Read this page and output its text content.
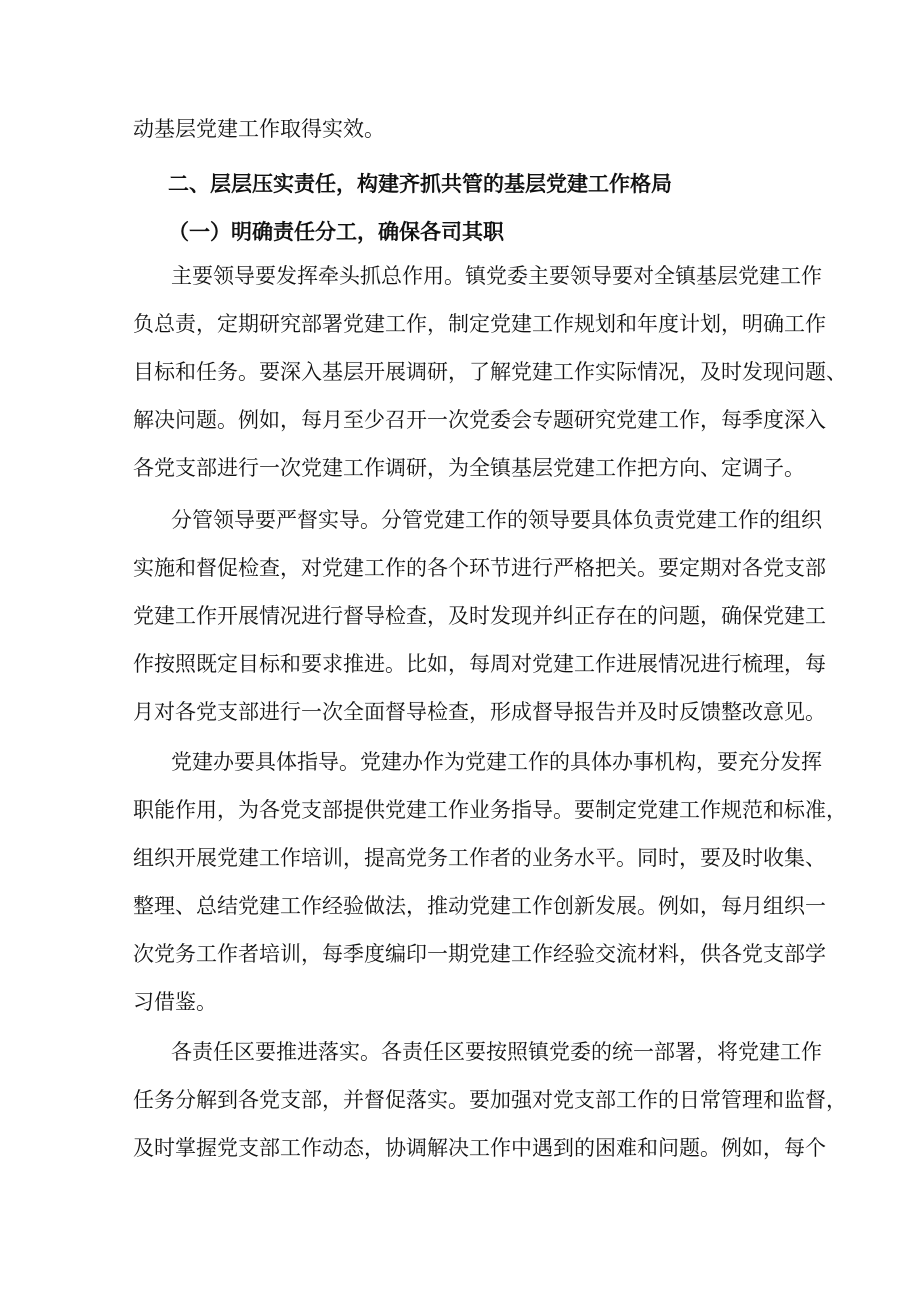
动基层党建工作取得实效。
二、层层压实责任，构建齐抓共管的基层党建工作格局
（一）明确责任分工，确保各司其职
主要领导要发挥牵头抓总作用。镇党委主要领导要对全镇基层党建工作
负总责，定期研究部署党建工作，制定党建工作规划和年度计划，明确工作
目标和任务。要深入基层开展调研，了解党建工作实际情况，及时发现问题、
解决问题。例如，每月至少召开一次党委会专题研究党建工作，每季度深入
各党支部进行一次党建工作调研，为全镇基层党建工作把方向、定调子。
分管领导要严督实导。分管党建工作的领导要具体负责党建工作的组织
实施和督促检查，对党建工作的各个环节进行严格把关。要定期对各党支部
党建工作开展情况进行督导检查，及时发现并纠正存在的问题，确保党建工
作按照既定目标和要求推进。比如，每周对党建工作进展情况进行梳理，每
月对各党支部进行一次全面督导检查，形成督导报告并及时反馈整改意见。
党建办要具体指导。党建办作为党建工作的具体办事机构，要充分发挥
职能作用，为各党支部提供党建工作业务指导。要制定党建工作规范和标准，
组织开展党建工作培训，提高党务工作者的业务水平。同时，要及时收集、
整理、总结党建工作经验做法，推动党建工作创新发展。例如，每月组织一
次党务工作者培训，每季度编印一期党建工作经验交流材料，供各党支部学
习借鉴。
各责任区要推进落实。各责任区要按照镇党委的统一部署，将党建工作
任务分解到各党支部，并督促落实。要加强对党支部工作的日常管理和监督，
及时掌握党支部工作动态，协调解决工作中遇到的困难和问题。例如，每个
